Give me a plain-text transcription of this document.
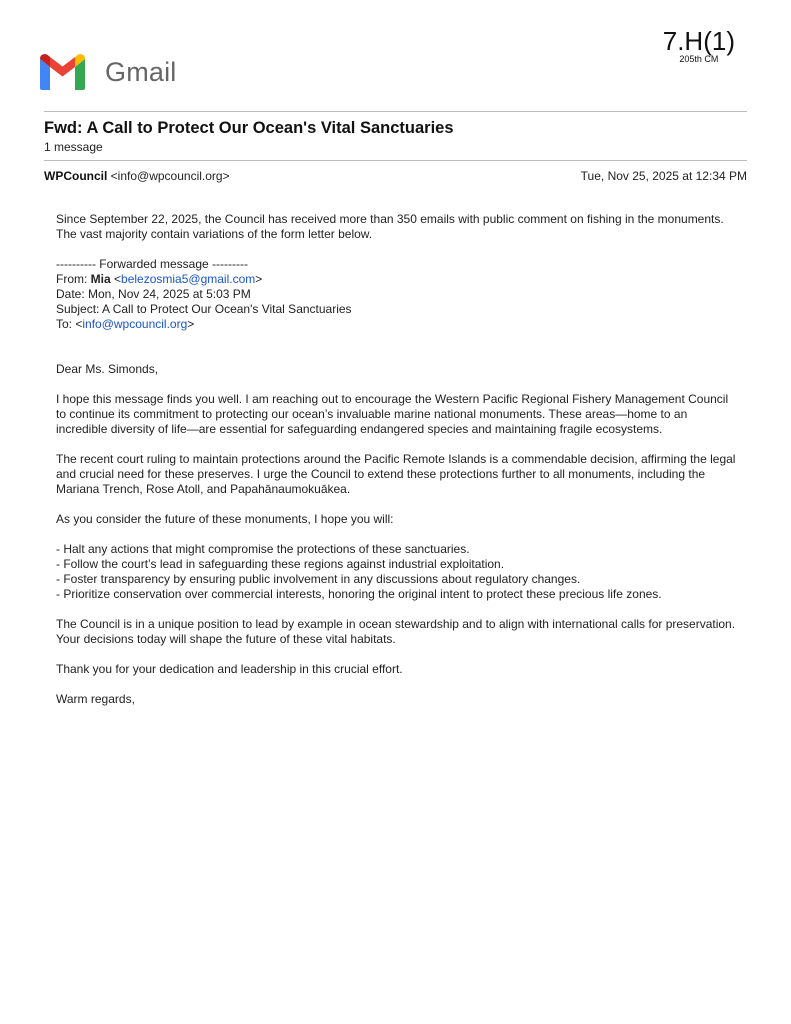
7.H(1)
205th CM
Gmail
Fwd: A Call to Protect Our Ocean's Vital Sanctuaries
1 message
WPCouncil <info@wpcouncil.org>	Tue, Nov 25, 2025 at 12:34 PM

Since September 22, 2025, the Council has received more than 350 emails with public comment on fishing in the monuments. The vast majority contain variations of the form letter below.

---------- Forwarded message ---------
From: Mia <belezosmia5@gmail.com>
Date: Mon, Nov 24, 2025 at 5:03 PM
Subject: A Call to Protect Our Ocean's Vital Sanctuaries
To: <info@wpcouncil.org>

Dear Ms. Simonds,

I hope this message finds you well. I am reaching out to encourage the Western Pacific Regional Fishery Management Council to continue its commitment to protecting our ocean’s invaluable marine national monuments. These areas—home to an incredible diversity of life—are essential for safeguarding endangered species and maintaining fragile ecosystems.

The recent court ruling to maintain protections around the Pacific Remote Islands is a commendable decision, affirming the legal and crucial need for these preserves. I urge the Council to extend these protections further to all monuments, including the Mariana Trench, Rose Atoll, and Papahānaumokuākea.

As you consider the future of these monuments, I hope you will:

- Halt any actions that might compromise the protections of these sanctuaries.
- Follow the court’s lead in safeguarding these regions against industrial exploitation.
- Foster transparency by ensuring public involvement in any discussions about regulatory changes.
- Prioritize conservation over commercial interests, honoring the original intent to protect these precious life zones.

The Council is in a unique position to lead by example in ocean stewardship and to align with international calls for preservation. Your decisions today will shape the future of these vital habitats.

Thank you for your dedication and leadership in this crucial effort.

Warm regards,
